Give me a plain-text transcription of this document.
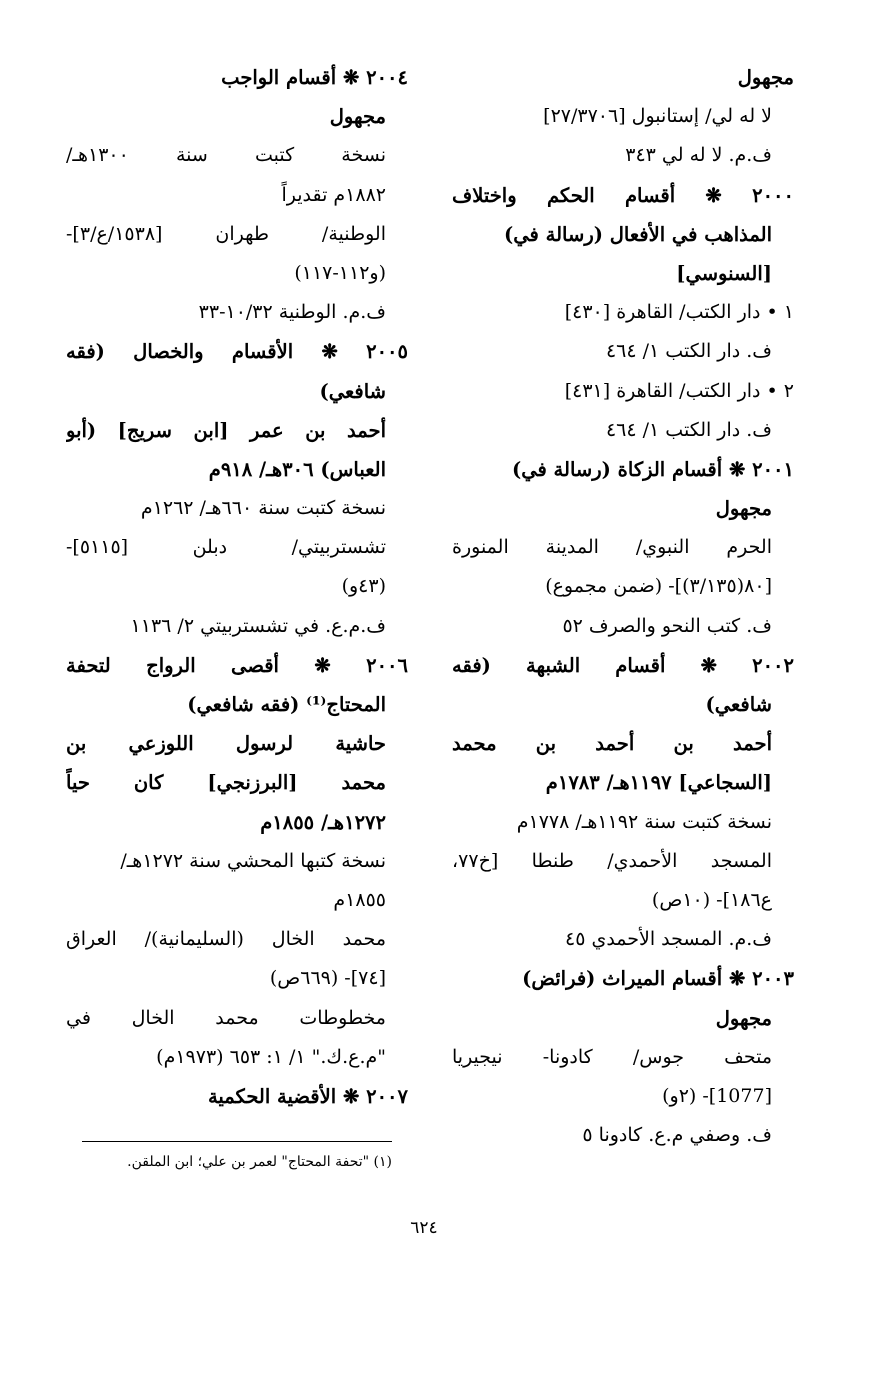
مجهول
لا له لي/ إستانبول [٢٧/٣٧٠٦]
ف.م. لا له لي ٣٤٣
٢٠٠٠ ❋ أقسام الحكم واختلاف
المذاهب في الأفعال (رسالة في)
[السنوسي]
١ • دار الكتب/ القاهرة [٤٣٠]
ف. دار الكتب ١/ ٤٦٤
٢ • دار الكتب/ القاهرة [٤٣١]
ف. دار الكتب ١/ ٤٦٤
٢٠٠١ ❋ أقسام الزكاة (رسالة في)
مجهول
الحرم النبوي/ المدينة المنورة
[٨٠(٣/١٣٥)]- (ضمن مجموع)
ف. كتب النحو والصرف ٥٢
٢٠٠٢ ❋ أقسام الشبهة (فقه
شافعي)
أحمد بن أحمد بن محمد
[السجاعي] ١١٩٧هـ/ ١٧٨٣م
نسخة كتبت سنة ١١٩٢هـ/ ١٧٧٨م
المسجد الأحمدي/ طنطا [خ٧٧،
ع١٨٦]- (١٠ص)
ف.م. المسجد الأحمدي ٤٥
٢٠٠٣ ❋ أقسام الميراث (فرائض)
مجهول
متحف جوس/ كادونا- نيجيريا
[1077]- (٢و)
ف. وصفي م.ع. كادونا ٥
٢٠٠٤ ❋ أقسام الواجب
مجهول
نسخة كتبت سنة ١٣٠٠هـ/
١٨٨٢م تقديراً
الوطنية/ طهران [١٥٣٨/ع/٣]-
(و١١٢-١١٧)
ف.م. الوطنية ١٠/٣٢-٣٣
٢٠٠٥ ❋ الأقسام والخصال (فقه
شافعي)
أحمد بن عمر [ابن سريج] (أبو
العباس) ٣٠٦هـ/ ٩١٨م
نسخة كتبت سنة ٦٦٠هـ/ ١٢٦٢م
تشستربيتي/ دبلن [٥١١٥]-
(٤٣و)
ف.م.ع. في تشستربيتي ٢/ ١١٣٦
٢٠٠٦ ❋ أقصى الرواج لتحفة
المحتاج⁽¹⁾ (فقه شافعي)
حاشية لرسول اللوزعي بن
محمد [البرزنجي] كان حياً
١٢٧٢هـ/ ١٨٥٥م
نسخة كتبها المحشي سنة ١٢٧٢هـ/
١٨٥٥م
محمد الخال (السليمانية)/ العراق
[٧٤]- (٦٦٩ص)
مخطوطات محمد الخال في
"م.ع.ك." ١/ ١: ٦٥٣ (١٩٧٣م)
٢٠٠٧ ❋ الأقضية الحكمية
(١) "تحفة المحتاج" لعمر بن علي؛ ابن الملقن.
٦٢٤
